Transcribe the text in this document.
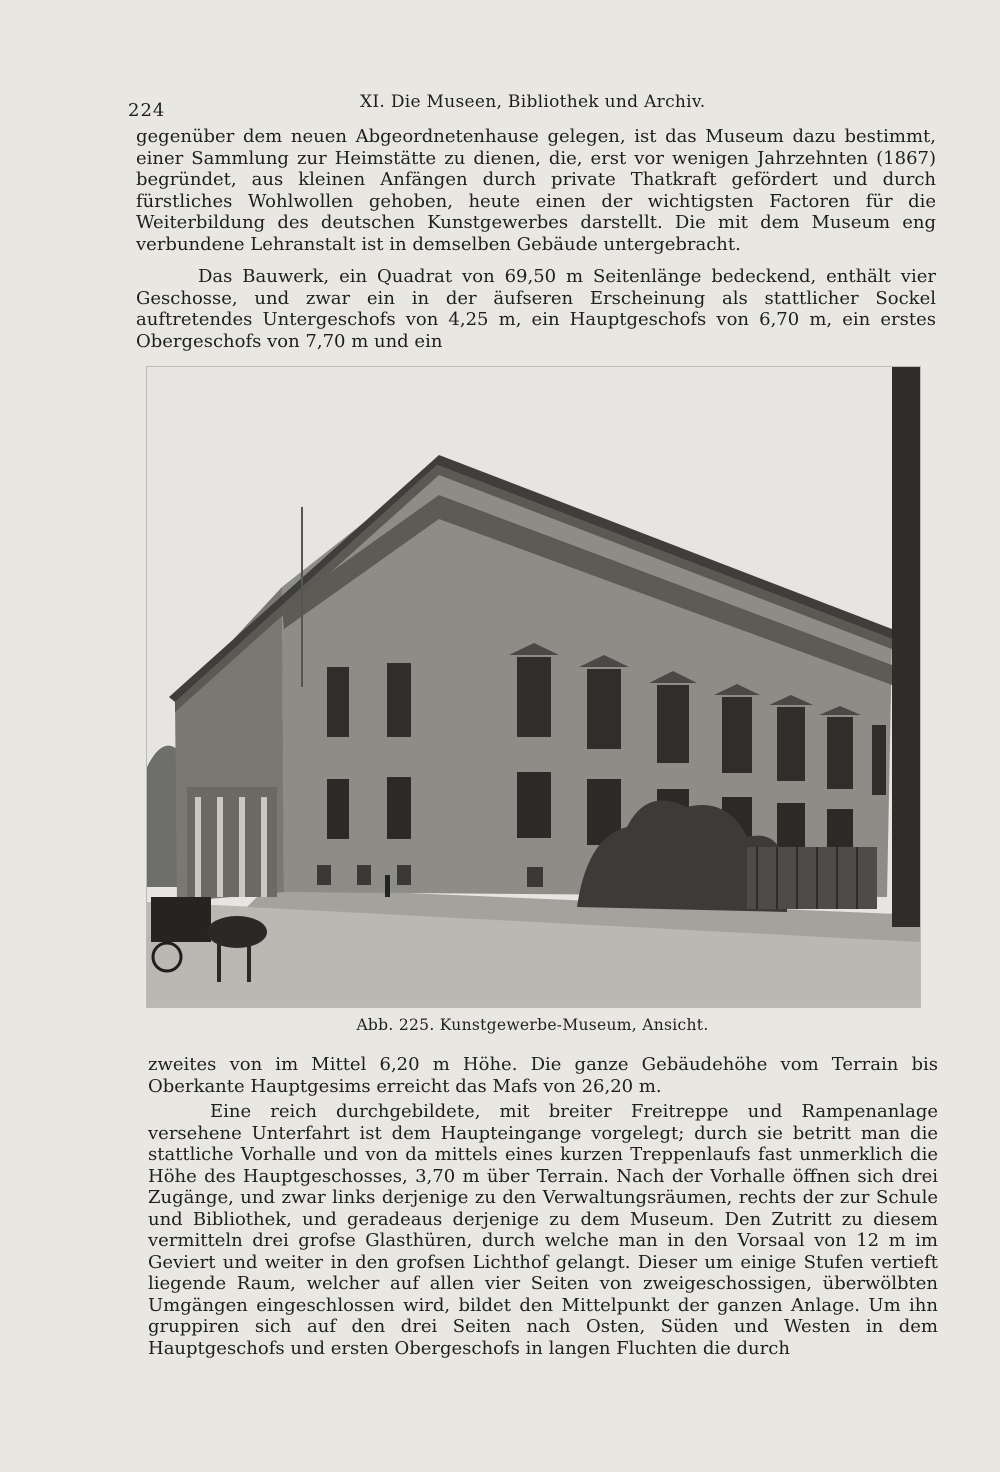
224	XI. Die Museen, Bibliothek und Archiv.

gegenüber dem neuen Abgeordnetenhause gelegen, ist das Museum dazu bestimmt, einer Sammlung zur Heimstätte zu dienen, die, erst vor wenigen Jahrzehnten (1867) begründet, aus kleinen Anfängen durch private Thatkraft gefördert und durch fürstliches Wohlwollen gehoben, heute einen der wichtigsten Factoren für die Weiterbildung des deutschen Kunstgewerbes darstellt. Die mit dem Museum eng verbundene Lehranstalt ist in demselben Gebäude untergebracht.

Das Bauwerk, ein Quadrat von 69,50 m Seitenlänge bedeckend, enthält vier Geschosse, und zwar ein in der äufseren Erscheinung als stattlicher Sockel auftretendes Untergeschofs von 4,25 m, ein Hauptgeschofs von 6,70 m, ein erstes Obergeschofs von 7,70 m und ein

Abb. 225. Kunstgewerbe-Museum, Ansicht.

zweites von im Mittel 6,20 m Höhe. Die ganze Gebäudehöhe vom Terrain bis Oberkante Hauptgesims erreicht das Mafs von 26,20 m.

Eine reich durchgebildete, mit breiter Freitreppe und Rampenanlage versehene Unterfahrt ist dem Haupteingange vorgelegt; durch sie betritt man die stattliche Vorhalle und von da mittels eines kurzen Treppenlaufs fast unmerklich die Höhe des Hauptgeschosses, 3,70 m über Terrain. Nach der Vorhalle öffnen sich drei Zugänge, und zwar links derjenige zu den Verwaltungsräumen, rechts der zur Schule und Bibliothek, und geradeaus derjenige zu dem Museum. Den Zutritt zu diesem vermitteln drei grofse Glasthüren, durch welche man in den Vorsaal von 12 m im Geviert und weiter in den grofsen Lichthof gelangt. Dieser um einige Stufen vertieft liegende Raum, welcher auf allen vier Seiten von zweigeschossigen, überwölbten Umgängen eingeschlossen wird, bildet den Mittelpunkt der ganzen Anlage. Um ihn gruppiren sich auf den drei Seiten nach Osten, Süden und Westen in dem Hauptgeschofs und ersten Obergeschofs in langen Fluchten die durch
